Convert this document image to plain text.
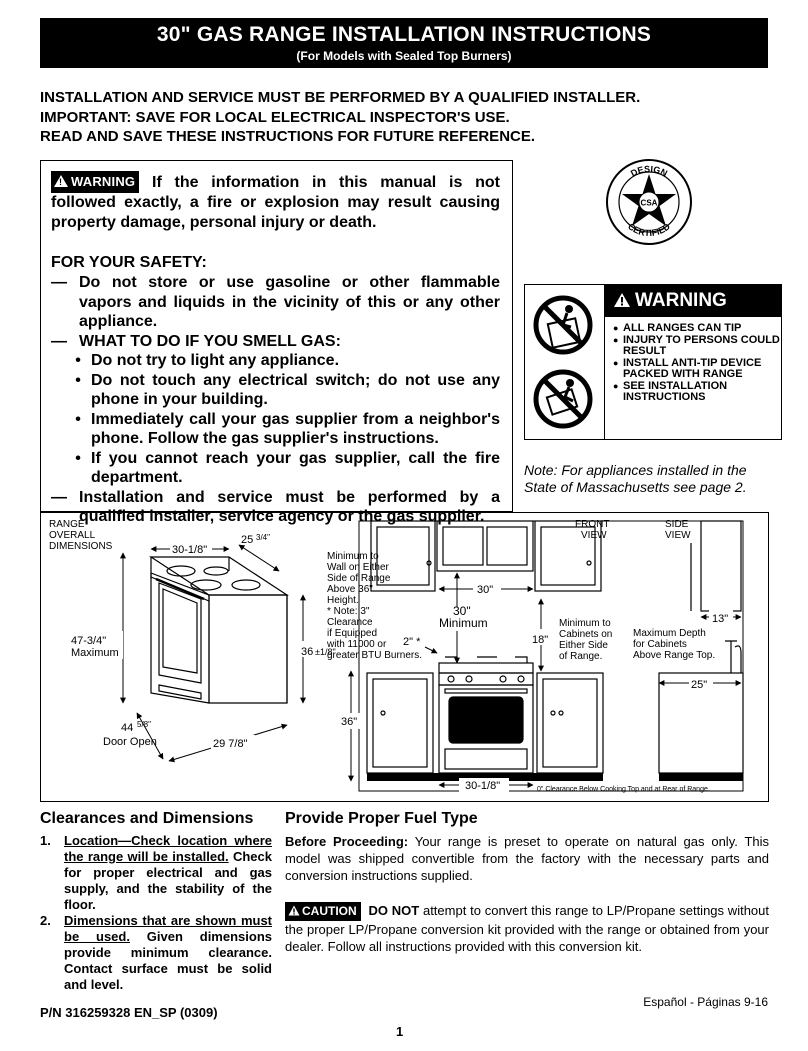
30" GAS RANGE INSTALLATION INSTRUCTIONS
(For Models with Sealed Top Burners)
INSTALLATION AND SERVICE MUST BE PERFORMED BY A QUALIFIED INSTALLER.
IMPORTANT: SAVE FOR LOCAL ELECTRICAL INSPECTOR'S USE.
READ AND SAVE THESE INSTRUCTIONS FOR FUTURE REFERENCE.
! WARNING If the information in this manual is not followed exactly, a fire or explosion may result causing property damage, personal injury or death.
FOR YOUR SAFETY:
— Do not store or use gasoline or other flammable vapors and liquids in the vicinity of this or any other appliance.
— WHAT TO DO IF YOU SMELL GAS:
• Do not try to light any appliance.
• Do not touch any electrical switch; do not use any phone in your building.
• Immediately call your gas supplier from a neighbor's phone. Follow the gas supplier's instructions.
• If you cannot reach your gas supplier, call the fire department.
— Installation and service must be performed by a qualified installer, service agency or the gas supplier.
DESIGN
CERTIFIED
CSA
WARNING
● ALL RANGES CAN TIP
● INJURY TO PERSONS COULD RESULT
● INSTALL ANTI-TIP DEVICE PACKED WITH RANGE
● SEE INSTALLATION INSTRUCTIONS
Note: For appliances installed in the State of Massachusetts see page 2.
RANGE
OVERALL
DIMENSIONS	30-1/8"
25 3/4"
47-3/4"
Maximum	36 ±1/8"
44 5/8"
Door Open	29 7/8"
Minimum to
Wall on Either
Side of Range
Above 36"
Height.
* Note: 3"
Clearance
if Equipped
with 11000 or
greater BTU Burners.
30"
30"
Minimum
2" *	18"
Minimum to
Cabinets on
Either Side
of Range.
FRONT
VIEW
36"
30-1/8"	0" Clearance Below Cooking Top and at Rear of Range.
SIDE
VIEW
13"
Maximum Depth
for Cabinets
Above Range Top.
25"
Clearances and Dimensions
1.	Location—Check location where the range will be installed. Check for proper electrical and gas supply, and the stability of the floor.
2.	Dimensions that are shown must be used. Given dimensions provide minimum clearance. Contact surface must be solid and level.
Provide Proper Fuel Type

Before Proceeding: Your range is preset to operate on natural gas only. This model was shipped convertible from the factory with the necessary parts and conversion instructions supplied.

CAUTION DO NOT attempt to convert this range to LP/Propane settings without the proper LP/Propane conversion kit provided with the range or obtained from your dealer. Follow all instructions provided with this conversion kit.

P/N 316259328 EN_SP (0309)
Español - Páginas 9-16
1
